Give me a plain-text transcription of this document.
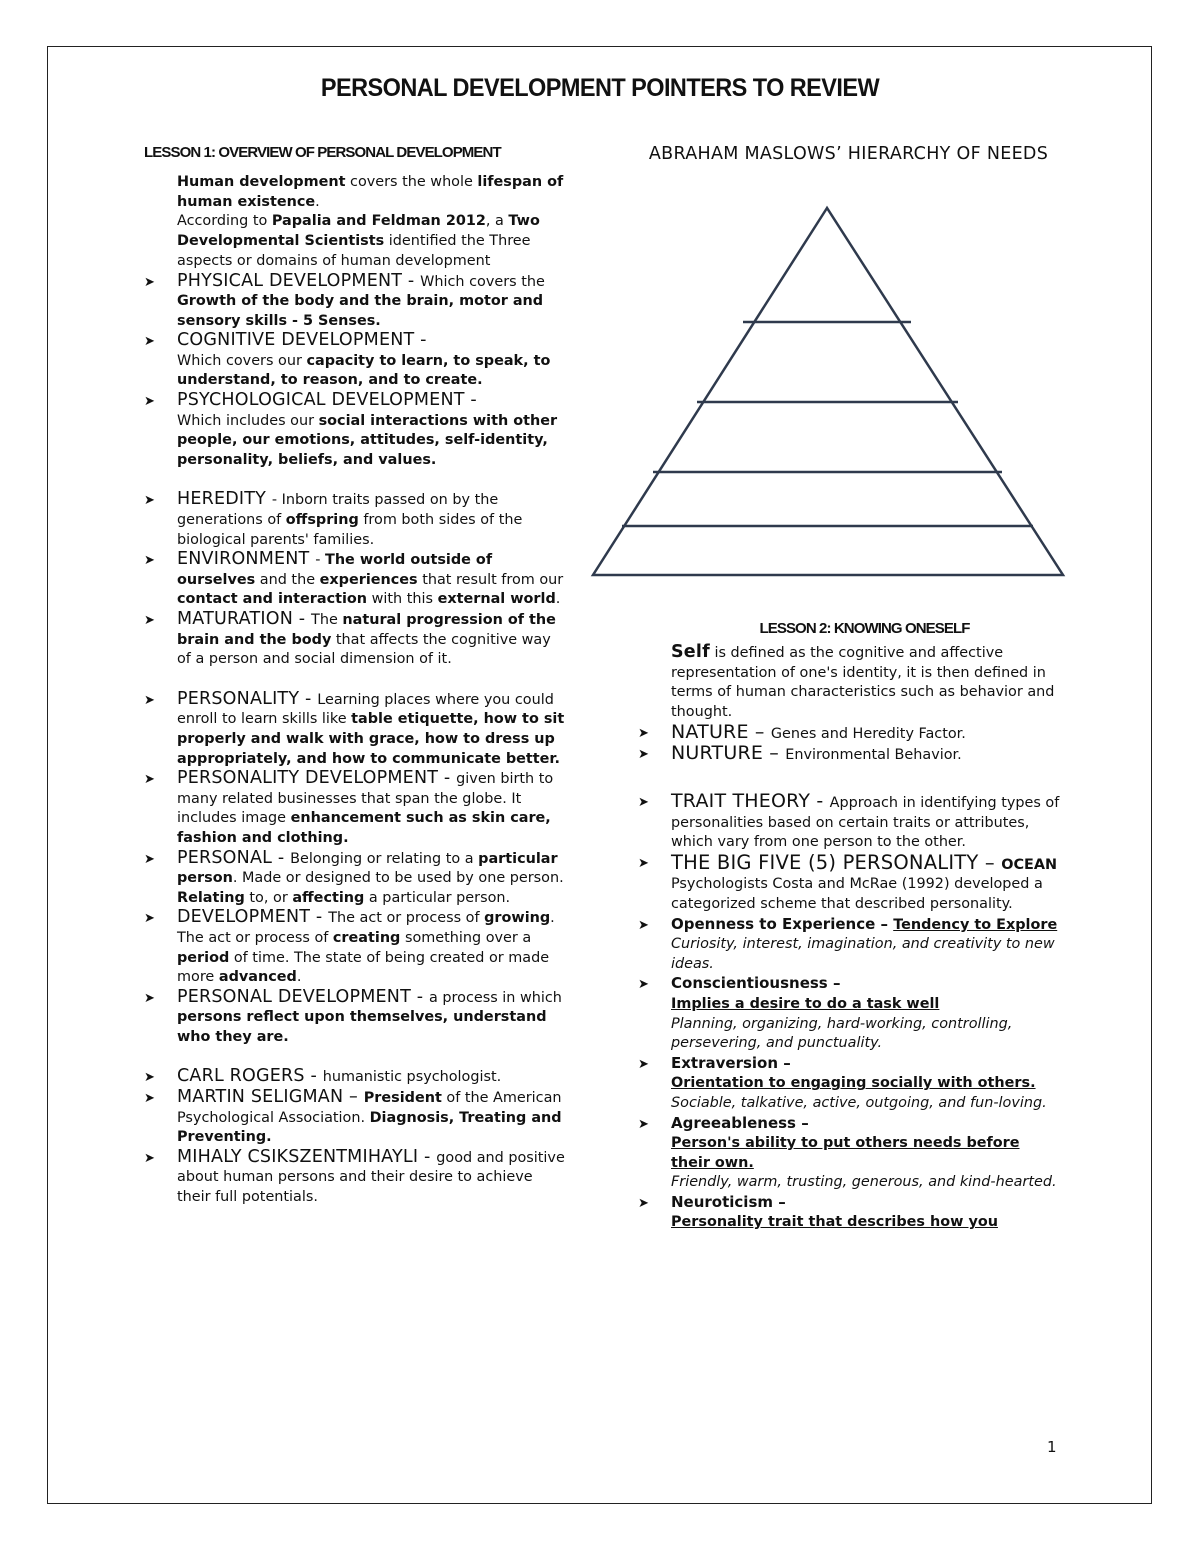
PERSONAL DEVELOPMENT POINTERS TO REVIEW

LESSON 1: OVERVIEW OF PERSONAL DEVELOPMENT

Human development covers the whole lifespan of human existence.
According to Papalia and Feldman 2012, a Two Developmental Scientists identified the Three aspects or domains of human development
➤ PHYSICAL DEVELOPMENT - Which covers the Growth of the body and the brain, motor and sensory skills - 5 Senses.
➤ COGNITIVE DEVELOPMENT -
Which covers our capacity to learn, to speak, to understand, to reason, and to create.
➤ PSYCHOLOGICAL DEVELOPMENT -
Which includes our social interactions with other people, our emotions, attitudes, self-identity, personality, beliefs, and values.
➤ HEREDITY - Inborn traits passed on by the generations of offspring from both sides of the biological parents' families.
➤ ENVIRONMENT - The world outside of ourselves and the experiences that result from our contact and interaction with this external world.
➤ MATURATION - The natural progression of the brain and the body that affects the cognitive way of a person and social dimension of it.
➤ PERSONALITY - Learning places where you could enroll to learn skills like table etiquette, how to sit properly and walk with grace, how to dress up appropriately, and how to communicate better.
➤ PERSONALITY DEVELOPMENT - given birth to many related businesses that span the globe. It includes image enhancement such as skin care, fashion and clothing.
➤ PERSONAL - Belonging or relating to a particular person. Made or designed to be used by one person. Relating to, or affecting a particular person.
➤ DEVELOPMENT - The act or process of growing. The act or process of creating something over a period of time. The state of being created or made more advanced.
➤ PERSONAL DEVELOPMENT - a process in which persons reflect upon themselves, understand who they are.
➤ CARL ROGERS - humanistic psychologist.
➤ MARTIN SELIGMAN – President of the American Psychological Association. Diagnosis, Treating and Preventing.
➤ MIHALY CSIKSZENTMIHAYLI - good and positive about human persons and their desire to achieve their full potentials.
ABRAHAM MASLOWS’ HIERARCHY OF NEEDS

LESSON 2: KNOWING ONESELF

Self is defined as the cognitive and affective representation of one's identity, it is then defined in terms of human characteristics such as behavior and thought.
➤ NATURE – Genes and Heredity Factor.
➤ NURTURE – Environmental Behavior.
➤ TRAIT THEORY - Approach in identifying types of personalities based on certain traits or attributes, which vary from one person to the other.
➤ THE BIG FIVE (5) PERSONALITY – OCEAN Psychologists Costa and McRae (1992) developed a categorized scheme that described personality.
➤ Openness to Experience – Tendency to Explore
Curiosity, interest, imagination, and creativity to new ideas.
➤ Conscientiousness –
Implies a desire to do a task well
Planning, organizing, hard-working, controlling, persevering, and punctuality.
➤ Extraversion –
Orientation to engaging socially with others.
Sociable, talkative, active, outgoing, and fun-loving.
➤ Agreeableness –
Person's ability to put others needs before their own.
Friendly, warm, trusting, generous, and kind-hearted.
➤ Neuroticism –
Personality trait that describes how you
1
